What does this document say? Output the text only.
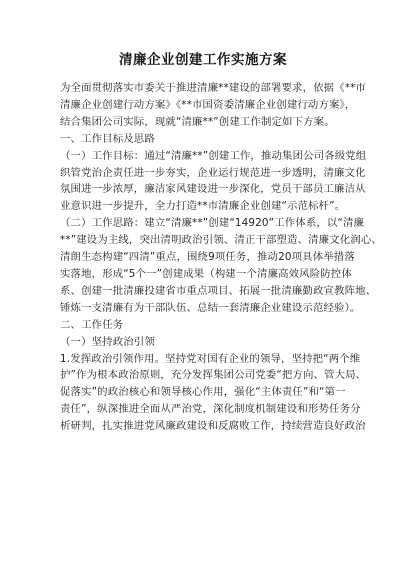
清廉企业创建工作实施方案
为全面贯彻落实市委关于推进清廉**建设的部署要求，依据《**市
清廉企业创建行动方案》《**市国资委清廉企业创建行动方案》，
结合集团公司实际，现就“清廉**”创建工作制定如下方案。
一、工作目标及思路
（一）工作目标：通过“清廉**”创建工作，推动集团公司各级党组
织管党治企责任进一步夯实，企业运行规范进一步透明，清廉文化
氛围进一步浓厚，廉洁家风建设进一步深化，党员干部员工廉洁从
业意识进一步提升，全力打造**市清廉企业创建“示范标杆”。
（二）工作思路：建立“清廉**”创建“14920”工作体系，以“清廉
**”建设为主线，突出清明政治引领、清正干部塑造、清廉文化润心、
清朗生态构建“四清”重点，围绕9项任务，推动20项具体举措落
实落地，形成“5个一”创建成果（构建一个清廉高效风险防控体
系、创建一批清廉投建省市重点项目、拓展一批清廉勤政宣教阵地、
锤炼一支清廉有为干部队伍、总结一套清廉企业建设示范经验）。
二、工作任务
（一）坚持政治引领
1.发挥政治引领作用。坚持党对国有企业的领导，坚持把“两个维
护”作为根本政治原则，充分发挥集团公司党委“把方向、管大局、
促落实”的政治核心和领导核心作用，强化“主体责任”和“第一
责任”，纵深推进全面从严治党，深化制度机制建设和形势任务分
析研判，扎实推进党风廉政建设和反腐败工作，持续营造良好政治
